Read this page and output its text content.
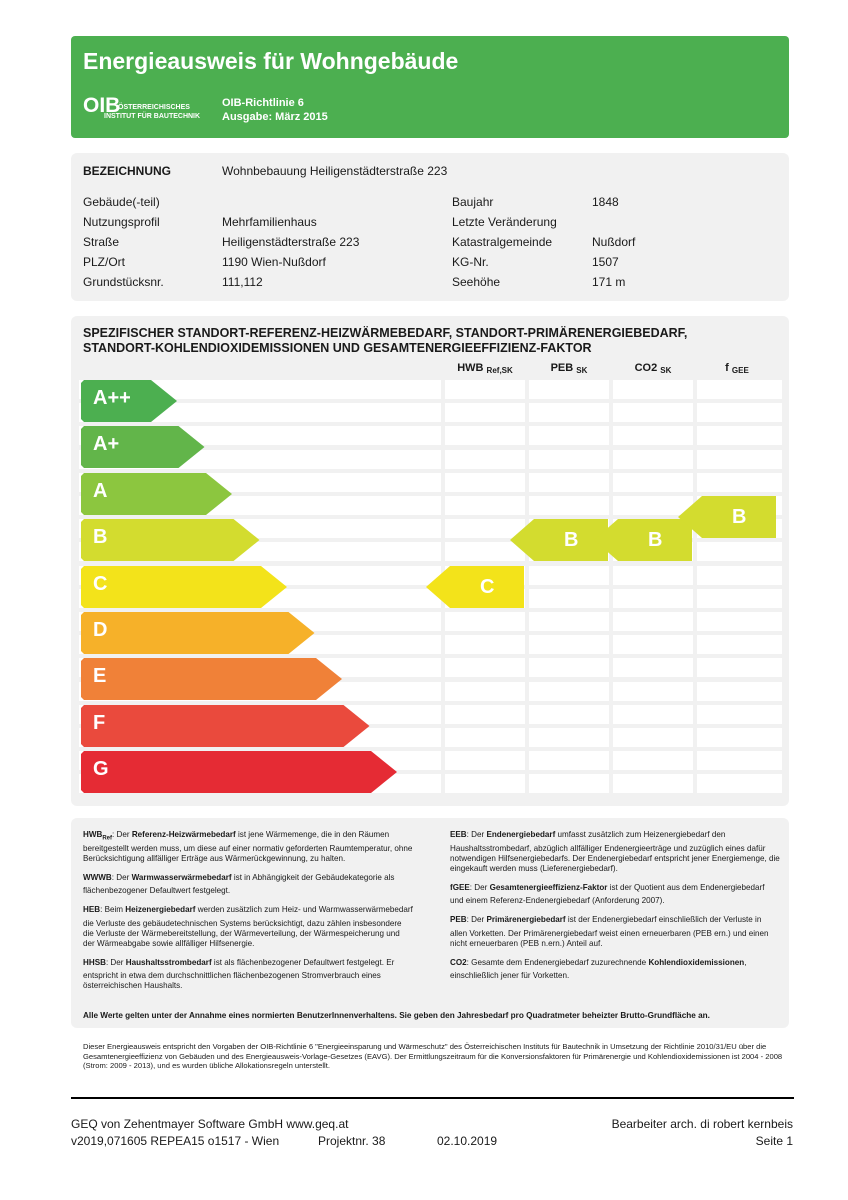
Energieausweis für Wohngebäude
OIB
ÖSTERREICHISCHES
INSTITUT FÜR BAUTECHNIK
OIB-Richtlinie 6
Ausgabe: März 2015
BEZEICHNUNG	Wohnbebauung Heiligenstädterstraße 223
Gebäude(-teil)
Nutzungsprofil	Mehrfamilienhaus
Straße	Heiligenstädterstraße 223
PLZ/Ort	1190 Wien-Nußdorf
Grundstücksnr.	111,112
Baujahr	1848
Letzte Veränderung
Katastralgemeinde	Nußdorf
KG-Nr.	1507
Seehöhe	171 m
SPEZIFISCHER STANDORT-REFERENZ-HEIZWÄRMEBEDARF, STANDORT-PRIMÄRENERGIEBEDARF,
STANDORT-KOHLENDIOXIDEMISSIONEN UND GESAMTENERGIEEFFIZIENZ-FAKTOR
HWB $_{Ref,SK}$	PEB $_{SK}$	CO2 $_{SK}$	f $_{GEE}$
A++
A+
A
B
C
D
E
F
G
C
B	B
B
$HWB_{Ref}$: Der Referenz-Heizwärmebedarf ist jene Wärmemenge, die in den Räumen bereitgestellt werden muss, um diese auf einer normativ geforderten Raumtemperatur, ohne Berücksichtigung allfälliger Erträge aus Wärmerückgewinnung, zu halten.
WWWB: Der Warmwasserwärmebedarf ist in Abhängigkeit der Gebäudekategorie als flächenbezogener Defaultwert festgelegt.
HEB: Beim Heizenergiebedarf werden zusätzlich zum Heiz- und Warmwasserwärmebedarf die Verluste des gebäudetechnischen Systems berücksichtigt, dazu zählen insbesondere die Verluste der Wärmebereitstellung, der Wärmeverteilung, der Wärmespeicherung und der Wärmeabgabe sowie allfälliger Hilfsenergie.
HHSB: Der Haushaltsstrombedarf ist als flächenbezogener Defaultwert festgelegt. Er entspricht in etwa dem durchschnittlichen flächenbezogenen Stromverbrauch eines österreichischen Haushalts.
EEB: Der Endenergiebedarf umfasst zusätzlich zum Heizenergiebedarf den Haushaltsstrombedarf, abzüglich allfälliger Endenergieerträge und zuzüglich eines dafür notwendigen Hilfsenergiebedarfs. Der Endenergiebedarf entspricht jener Energiemenge, die eingekauft werden muss (Lieferenergiebedarf).
fGEE: Der Gesamtenergieeffizienz-Faktor ist der Quotient aus dem Endenergiebedarf und einem Referenz-Endenergiebedarf (Anforderung 2007).
PEB: Der Primärenergiebedarf ist der Endenergiebedarf einschließlich der Verluste in allen Vorketten. Der Primärenergiebedarf weist einen erneuerbaren (PEB ern.) und einen nicht erneuerbaren (PEB n.ern.) Anteil auf.
CO2: Gesamte dem Endenergiebedarf zuzurechnende Kohlendioxidemissionen, einschließlich jener für Vorketten.
Alle Werte gelten unter der Annahme eines normierten BenutzerInnenverhaltens. Sie geben den Jahresbedarf pro Quadratmeter beheizter Brutto-Grundfläche an.
Dieser Energieausweis entspricht den Vorgaben der OIB-Richtlinie 6 "Energieeinsparung und Wärmeschutz" des Österreichischen Instituts für Bautechnik in Umsetzung der Richtlinie 2010/31/EU über die Gesamtenergieeffizienz von Gebäuden und des Energieausweis-Vorlage-Gesetzes (EAVG). Der Ermittlungszeitraum für die Konversionsfaktoren für Primärenergie und Kohlendioxidemissionen ist 2004 - 2008 (Strom: 2009 - 2013), und es wurden übliche Allokationsregeln unterstellt.
GEQ von Zehentmayer Software GmbH www.geq.at
v2019,071605 REPEA15 o1517 - Wien	Projektnr. 38	02.10.2019
Bearbeiter arch. di robert kernbeis
Seite 1
